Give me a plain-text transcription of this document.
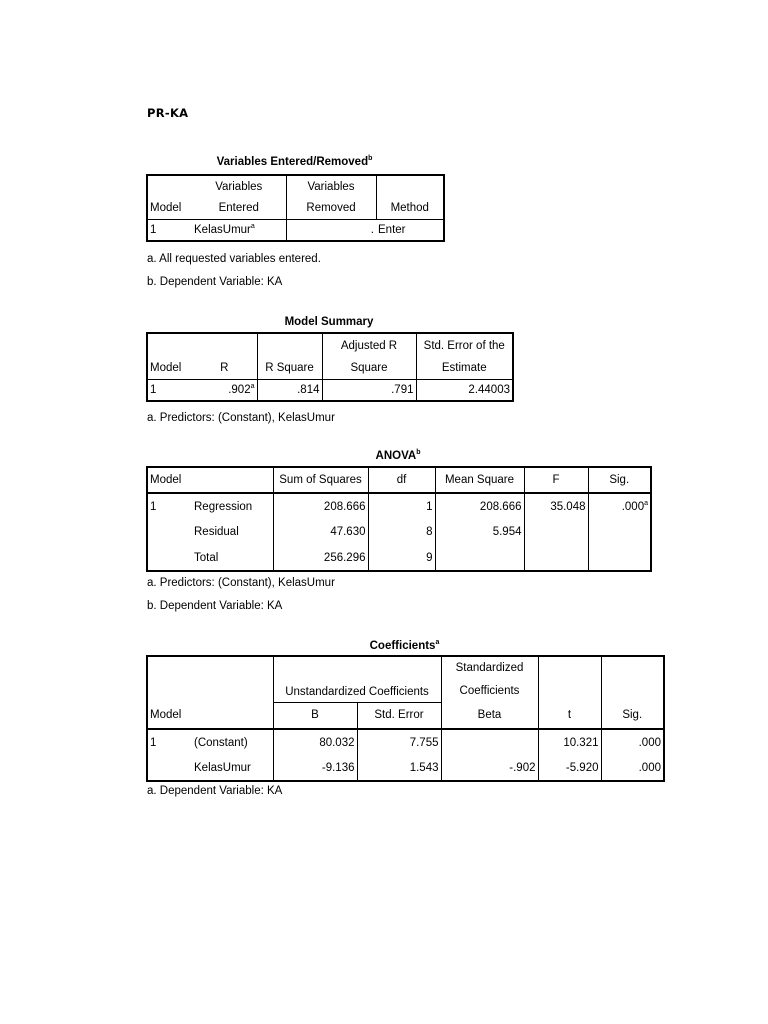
PR-KA
Variables Entered/Removed$^b$
	Variables	Variables	
Model	Entered	Removed	Method
1	KelasUmur$^a$	.	Enter
a. All requested variables entered.
b. Dependent Variable: KA
Model Summary
			Adjusted R	Std. Error of the
Model	R	R Square	Square	Estimate
1	.902$^a$	.814	.791	2.44003
a. Predictors: (Constant), KelasUmur
ANOVA$^b$
Model		Sum of Squares	df	Mean Square	F	Sig.
1	Regression	208.666	1	208.666	35.048	.000$^a$
	Residual	47.630	8	5.954		
	Total	256.296	9			
a. Predictors: (Constant), KelasUmur
b. Dependent Variable: KA
Coefficients$^a$
		Unstandardized Coefficients		Standardized		
				Coefficients		
Model		B	Std. Error	Beta	t	Sig.
1	(Constant)	80.032	7.755		10.321	.000
	KelasUmur	-9.136	1.543	-.902	-5.920	.000
a. Dependent Variable: KA
